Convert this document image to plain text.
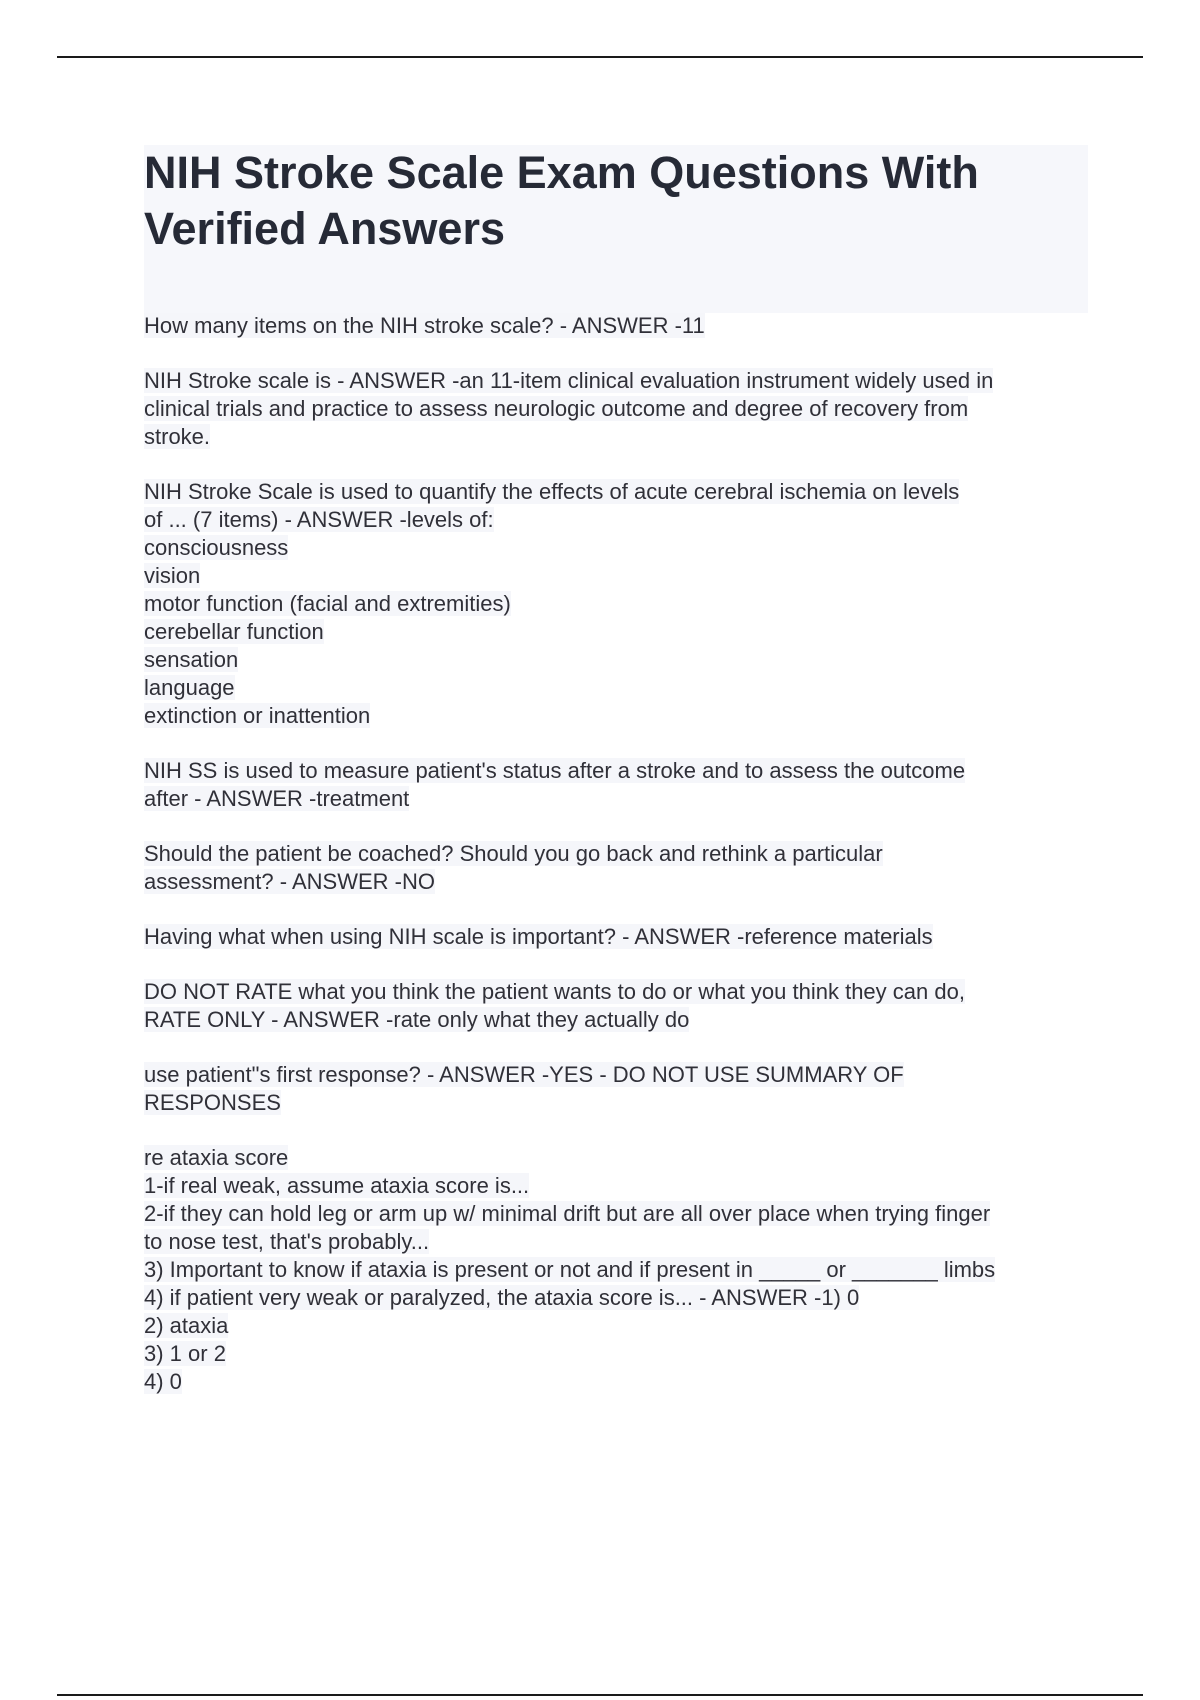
NIH Stroke Scale Exam Questions With
Verified Answers
How many items on the NIH stroke scale? - ANSWER -11
NIH Stroke scale is - ANSWER -an 11-item clinical evaluation instrument widely used in
clinical trials and practice to assess neurologic outcome and degree of recovery from
stroke.
NIH Stroke Scale is used to quantify the effects of acute cerebral ischemia on levels
of ... (7 items) - ANSWER -levels of:
consciousness
vision
motor function (facial and extremities)
cerebellar function
sensation
language
extinction or inattention
NIH SS is used to measure patient's status after a stroke and to assess the outcome
after - ANSWER -treatment
Should the patient be coached? Should you go back and rethink a particular
assessment? - ANSWER -NO
Having what when using NIH scale is important? - ANSWER -reference materials
DO NOT RATE what you think the patient wants to do or what you think they can do,
RATE ONLY - ANSWER -rate only what they actually do
use patient"s first response? - ANSWER -YES - DO NOT USE SUMMARY OF
RESPONSES
re ataxia score
1-if real weak, assume ataxia score is...
2-if they can hold leg or arm up w/ minimal drift but are all over place when trying finger
to nose test, that's probably...
3) Important to know if ataxia is present or not and if present in _____ or _______ limbs
4) if patient very weak or paralyzed, the ataxia score is... - ANSWER -1) 0
2) ataxia
3) 1 or 2
4) 0
